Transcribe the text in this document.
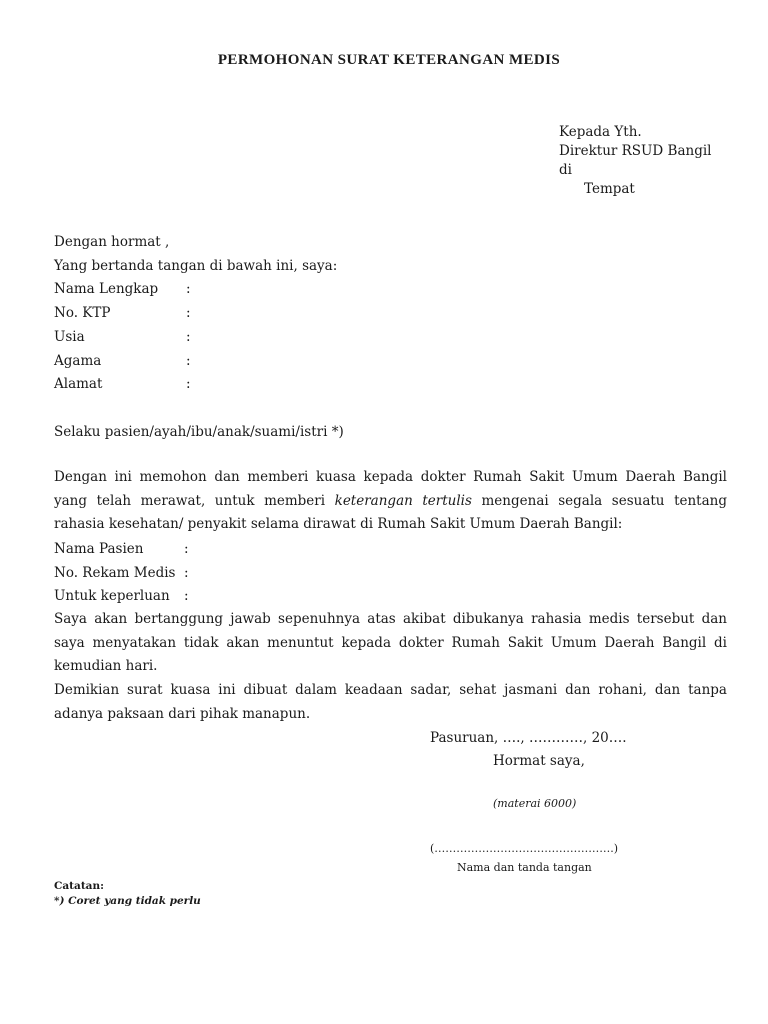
PERMOHONAN SURAT KETERANGAN MEDIS
Kepada Yth.
Direktur RSUD Bangil
di
Tempat
Dengan hormat ,
Yang bertanda tangan di bawah ini, saya:
Nama Lengkap :
No. KTP	:
Usia	:
Agama	:
Alamat	:
Selaku pasien/ayah/ibu/anak/suami/istri *)
Dengan ini memohon dan memberi kuasa kepada dokter Rumah Sakit Umum Daerah Bangil
yang telah merawat, untuk memberi keterangan tertulis mengenai segala sesuatu tentang
rahasia kesehatan/ penyakit selama dirawat di Rumah Sakit Umum Daerah Bangil:
Nama Pasien	:
No. Rekam Medis :
Untuk keperluan :
Saya akan bertanggung jawab sepenuhnya atas akibat dibukanya rahasia medis tersebut dan
saya menyatakan tidak akan menuntut kepada dokter Rumah Sakit Umum Daerah Bangil di
kemudian hari.
Demikian surat kuasa ini dibuat dalam keadaan sadar, sehat jasmani dan rohani, dan tanpa
adanya paksaan dari pihak manapun.
Pasuruan, …., …………, 20….
Hormat saya,
(materai 6000)
(………………………………………….)
Nama dan tanda tangan
Catatan:
*) Coret yang tidak perlu
